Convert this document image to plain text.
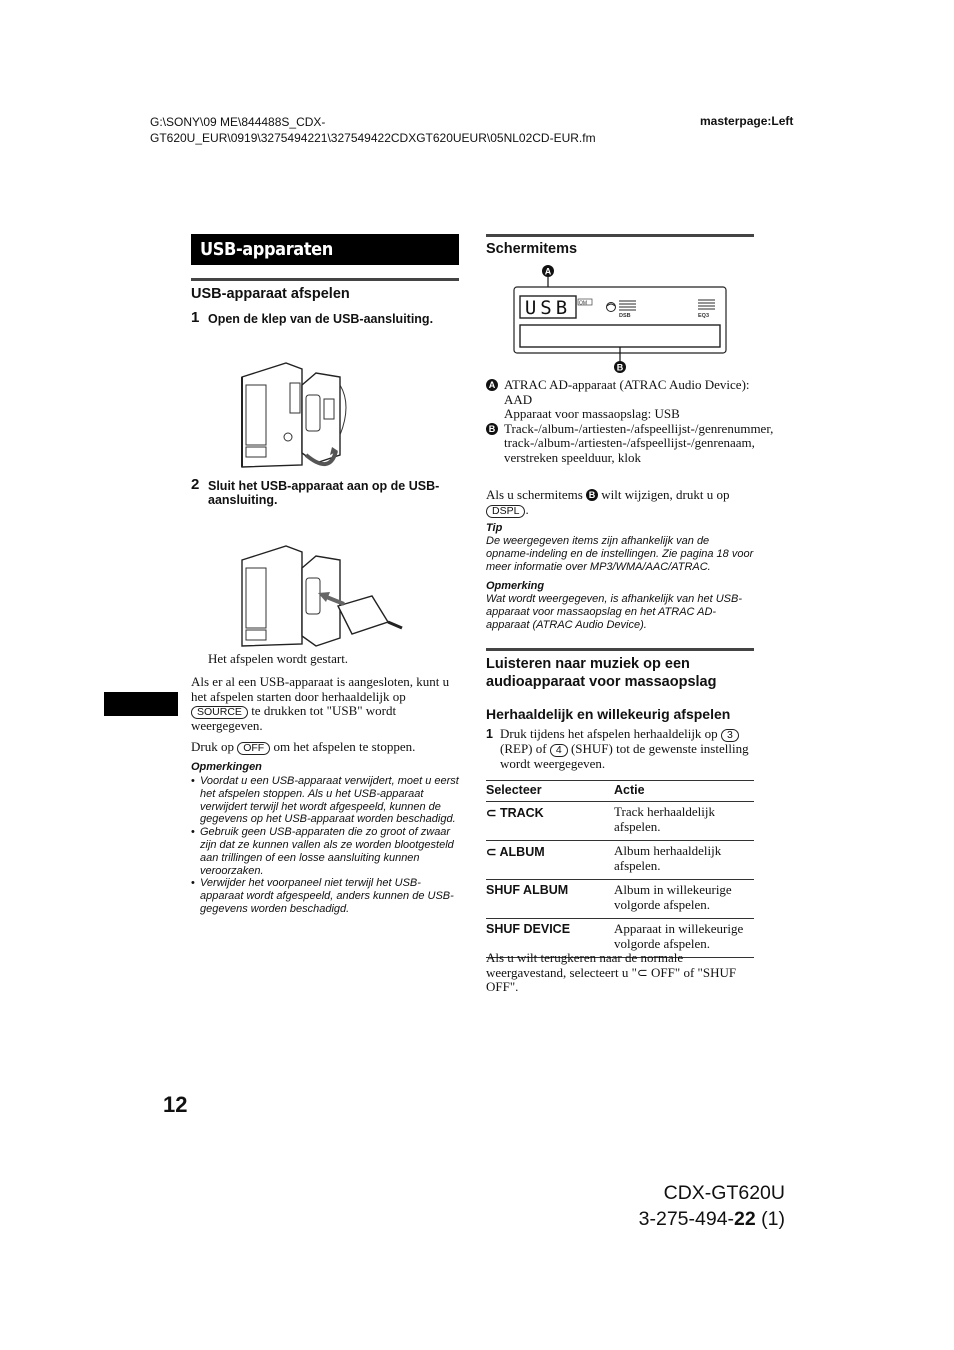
G:\SONY\09 ME\844488S_CDX-GT620U_EUR\0919\3275494221\327549422CDXGT620UEUR\05NL02CD-EUR.fm
masterpage:Left
USB-apparaten
USB-apparaat afspelen
1 Open de klep van de USB-aansluiting.
2 Sluit het USB-apparaat aan op de USB-aansluiting.
Het afspelen wordt gestart.
Als er al een USB-apparaat is aangesloten, kunt u het afspelen starten door herhaaldelijk op SOURCE te drukken tot "USB" wordt weergegeven.
Druk op OFF om het afspelen te stoppen.
Opmerkingen
• Voordat u een USB-apparaat verwijdert, moet u eerst het afspelen stoppen. Als u het USB-apparaat verwijdert terwijl het wordt afgespeeld, kunnen de gegevens op het USB-apparaat worden beschadigd.
• Gebruik geen USB-apparaten die zo groot of zwaar zijn dat ze kunnen vallen als ze worden blootgesteld aan trillingen of een losse aansluiting kunnen veroorzaken.
• Verwijder het voorpaneel niet terwijl het USB-apparaat wordt afgespeeld, anders kunnen de USB-gegevens worden beschadigd.
Schermitems
A
USB OM
DSB	EQ3
B
A ATRAC AD-apparaat (ATRAC Audio Device): AAD
Apparaat voor massaopslag: USB
B Track-/album-/artiesten-/afspeellijst-/genrenummer, track-/album-/artiesten-/afspeellijst-/genrenaam, verstreken speelduur, klok
Als u schermitems B wilt wijzigen, drukt u op DSPL .
Tip
De weergegeven items zijn afhankelijk van de opname-indeling en de instellingen. Zie pagina 18 voor meer informatie over MP3/WMA/AAC/ATRAC.
Opmerking
Wat wordt weergegeven, is afhankelijk van het USB-apparaat voor massaopslag en het ATRAC AD-apparaat (ATRAC Audio Device).
Luisteren naar muziek op een audioapparaat voor massaopslag
Herhaaldelijk en willekeurig afspelen
1 Druk tijdens het afspelen herhaaldelijk op 3 (REP) of 4 (SHUF) tot de gewenste instelling wordt weergegeven.
Selecteer	Actie
⊂ TRACK	Track herhaaldelijk afspelen.
⊂ ALBUM	Album herhaaldelijk afspelen.
SHUF ALBUM	Album in willekeurige volgorde afspelen.
SHUF DEVICE	Apparaat in willekeurige volgorde afspelen.
Als u wilt terugkeren naar de normale weergavestand, selecteert u "⊂ OFF" of "SHUF OFF".
12
CDX-GT620U
3-275-494-22 (1)
